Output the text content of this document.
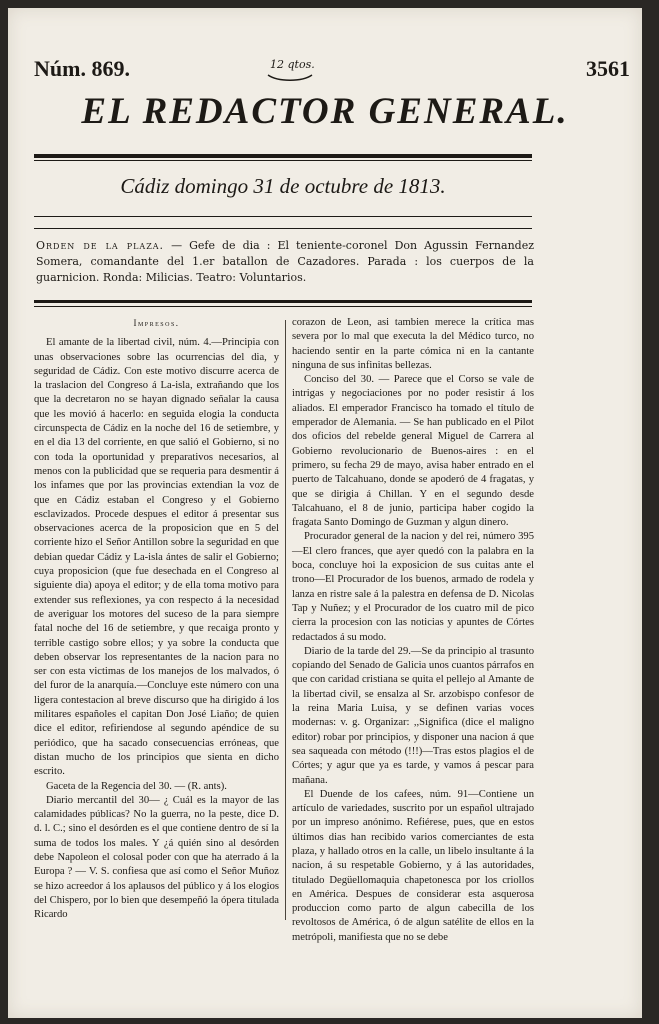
Núm. 869.	12 qtos.	3561
EL REDACTOR GENERAL.
Cádiz domingo 31 de octubre de 1813.
Orden de la plaza. — Gefe de dia : El teniente-coronel Don Agussin Fernandez Somera, comandante del 1.er batallon de Cazadores. Parada : los cuerpos de la guarnicion. Ronda: Milicias. Teatro: Voluntarios.

Impresos.

El amante de la libertad civil, núm. 4.—Principia con unas observaciones sobre las ocurrencias del dia, y seguridad de Cádiz. Con este motivo discurre acerca de la traslacion del Congreso á La-isla, extrañando que los que la decretaron no se hayan dignado señalar la causa que les movió á hacerlo: en seguida elogia la conducta circunspecta de Cádiz en la noche del 16 de setiembre, y en el dia 13 del corriente, en que salió el Gobierno, si no con toda la oportunidad y preparativos necesarios, al menos con la publicidad que se requeria para desmentir á los infames que por las provincias extendian la voz de que en Cádiz estaban el Congreso y el Gobierno esclavizados. Procede despues el editor á presentar sus observaciones acerca de la proposicion que en 5 del corriente hizo el Señor Antillon sobre la seguridad en que debian quedar Cádiz y La-isla ántes de salir el Gobierno; cuya proposicion (que fue desechada en el Congreso al siguiente dia) apoya el editor; y de ella toma motivo para extender sus reflexiones, ya con respecto á la necesidad de averiguar los motores del suceso de la para siempre fatal noche del 16 de setiembre, y que recaiga pronto y terrible castigo sobre ellos; y ya sobre la conducta que deben observar los representantes de la nacion para no ser con esta victimas de los manejos de los malvados, ó del furor de la anarquía.—Concluye este número con una ligera contestacion al breve discurso que ha dirigido á los militares españoles el capitan Don José Liaño; de quien dice el editor, refiriendose al segundo apéndice de su periódico, que ha sacado consecuencias erróneas, que distan mucho de los principios que sienta en dicho escrito.

Gaceta de la Regencia del 30. — (R. ants).

Diario mercantil del 30— ¿ Cuál es la mayor de las calamidades públicas? No la guerra, no la peste, dice D. d. l. C.; sino el desórden es el que contiene dentro de sí la suma de todos los males. Y ¿á quién sino al desórden debe Napoleon el colosal poder con que ha aterrado á la Europa ? — V. S. confiesa que así como el Señor Muñoz se hizo acreedor á los aplausos del público y á los elogios del Chispero, por lo bien que desempeñó la ópera titulada Ricardo

corazon de Leon, asi tambien merece la crítica mas severa por lo mal que executa la del Médico turco, no haciendo sentir en la parte cómica ni en la cantante ninguna de sus infinitas bellezas.

Conciso del 30. — Parece que el Corso se vale de intrigas y negociaciones por no poder resistir á los aliados. El emperador Francisco ha tomado el título de emperador de Alemania. — Se han publicado en el Pilot dos oficios del rebelde general Miguel de Carrera al Gobierno revolucionario de Buenos-aires : en el primero, su fecha 29 de mayo, avisa haber entrado en el puerto de Talcahuano, donde se apoderó de 4 fragatas, y que se dirigia á Chillan. Y en el segundo desde Talcahuano, el 8 de junio, participa haber cogido la fragata Santo Domingo de Guzman y algun dinero.

Procurador general de la nacion y del rei, número 395—El clero frances, que ayer quedó con la palabra en la boca, concluye hoi la exposicion de sus cuitas ante el trono—El Procurador de los buenos, armado de rodela y lanza en ristre sale á la palestra en defensa de D. Nicolas Tap y Nuñez; y el Procurador de los cuatro mil de pico cierra la procesion con las noticias y apuntes de Córtes redactados á su modo.

Diario de la tarde del 29.—Se da principio al trasunto copiando del Senado de Galicia unos cuantos párrafos en que con caridad cristiana se quita el pellejo al Amante de la libertad civil, se ensalza al Sr. arzobispo confesor de la reina Maria Luisa, y se definen varias voces modernas: v. g. Organizar: ,,Significa (dice el maligno editor) robar por principios, y disponer una nacion á que sea saqueada con método (!!!)—Tras estos plagios el de Córtes; y agur que ya es tarde, y vamos á pescar para mañana.

El Duende de los cafees, núm. 91—Contiene un artículo de variedades, suscrito por un español ultrajado por un impreso anónimo. Refiérese, pues, que en estos últimos dias han recibido varios comerciantes de esta plaza, y hallado otros en la calle, un libelo insultante á la nacion, á su respetable Gobierno, y á las autoridades, titulado Degüellomaquia chapetonesca por los criollos en América. Despues de considerar esta asquerosa produccion como parto de algun cabecilla de los revoltosos de América, ó de algun satélite de ellos en la metrópoli, manifiesta que no se debe
